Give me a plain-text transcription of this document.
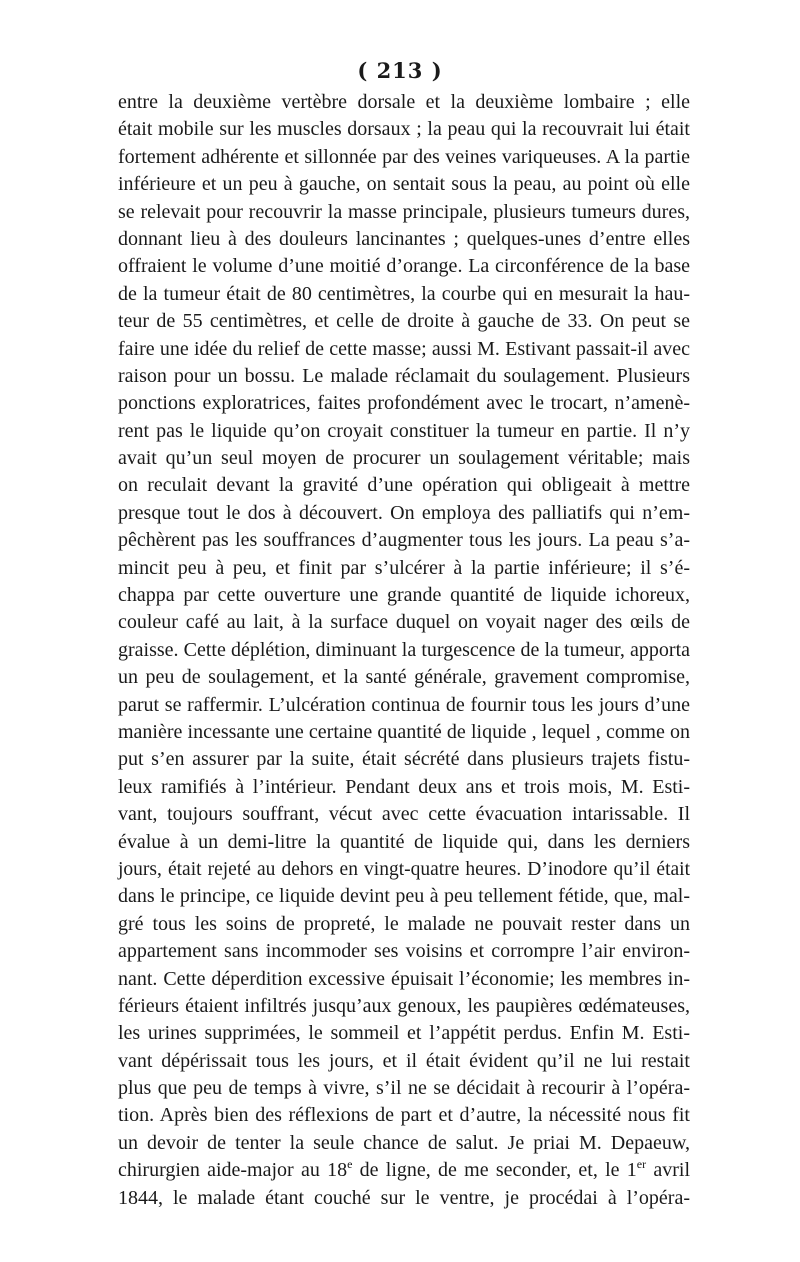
( 213 )
entre la deuxième vertèbre dorsale et la deuxième lombaire ; elle
était mobile sur les muscles dorsaux ; la peau qui la recouvrait lui était
fortement adhérente et sillonnée par des veines variqueuses. A la partie
inférieure et un peu à gauche, on sentait sous la peau, au point où elle
se relevait pour recouvrir la masse principale, plusieurs tumeurs dures,
donnant lieu à des douleurs lancinantes ; quelques-unes d’entre elles
offraient le volume d’une moitié d’orange. La circonférence de la base
de la tumeur était de 80 centimètres, la courbe qui en mesurait la hau-
teur de 55 centimètres, et celle de droite à gauche de 33. On peut se
faire une idée du relief de cette masse; aussi M. Estivant passait-il avec
raison pour un bossu. Le malade réclamait du soulagement. Plusieurs
ponctions exploratrices, faites profondément avec le trocart, n’amenè-
rent pas le liquide qu’on croyait constituer la tumeur en partie. Il n’y
avait qu’un seul moyen de procurer un soulagement véritable; mais
on reculait devant la gravité d’une opération qui obligeait à mettre
presque tout le dos à découvert. On employa des palliatifs qui n’em-
pêchèrent pas les souffrances d’augmenter tous les jours. La peau s’a-
mincit peu à peu, et finit par s’ulcérer à la partie inférieure; il s’é-
chappa par cette ouverture une grande quantité de liquide ichoreux,
couleur café au lait, à la surface duquel on voyait nager des œils de
graisse. Cette déplétion, diminuant la turgescence de la tumeur, apporta
un peu de soulagement, et la santé générale, gravement compromise,
parut se raffermir. L’ulcération continua de fournir tous les jours d’une
manière incessante une certaine quantité de liquide , lequel , comme on
put s’en assurer par la suite, était sécrété dans plusieurs trajets fistu-
leux ramifiés à l’intérieur. Pendant deux ans et trois mois, M. Esti-
vant, toujours souffrant, vécut avec cette évacuation intarissable. Il
évalue à un demi-litre la quantité de liquide qui, dans les derniers
jours, était rejeté au dehors en vingt-quatre heures. D’inodore qu’il était
dans le principe, ce liquide devint peu à peu tellement fétide, que, mal-
gré tous les soins de propreté, le malade ne pouvait rester dans un
appartement sans incommoder ses voisins et corrompre l’air environ-
nant. Cette déperdition excessive épuisait l’économie; les membres in-
férieurs étaient infiltrés jusqu’aux genoux, les paupières œdémateuses,
les urines supprimées, le sommeil et l’appétit perdus. Enfin M. Esti-
vant dépérissait tous les jours, et il était évident qu’il ne lui restait
plus que peu de temps à vivre, s’il ne se décidait à recourir à l’opéra-
tion. Après bien des réflexions de part et d’autre, la nécessité nous fit
un devoir de tenter la seule chance de salut. Je priai M. Depaeuw,
chirurgien aide-major au 18e de ligne, de me seconder, et, le 1er avril
1844, le malade étant couché sur le ventre, je procédai à l’opéra-
